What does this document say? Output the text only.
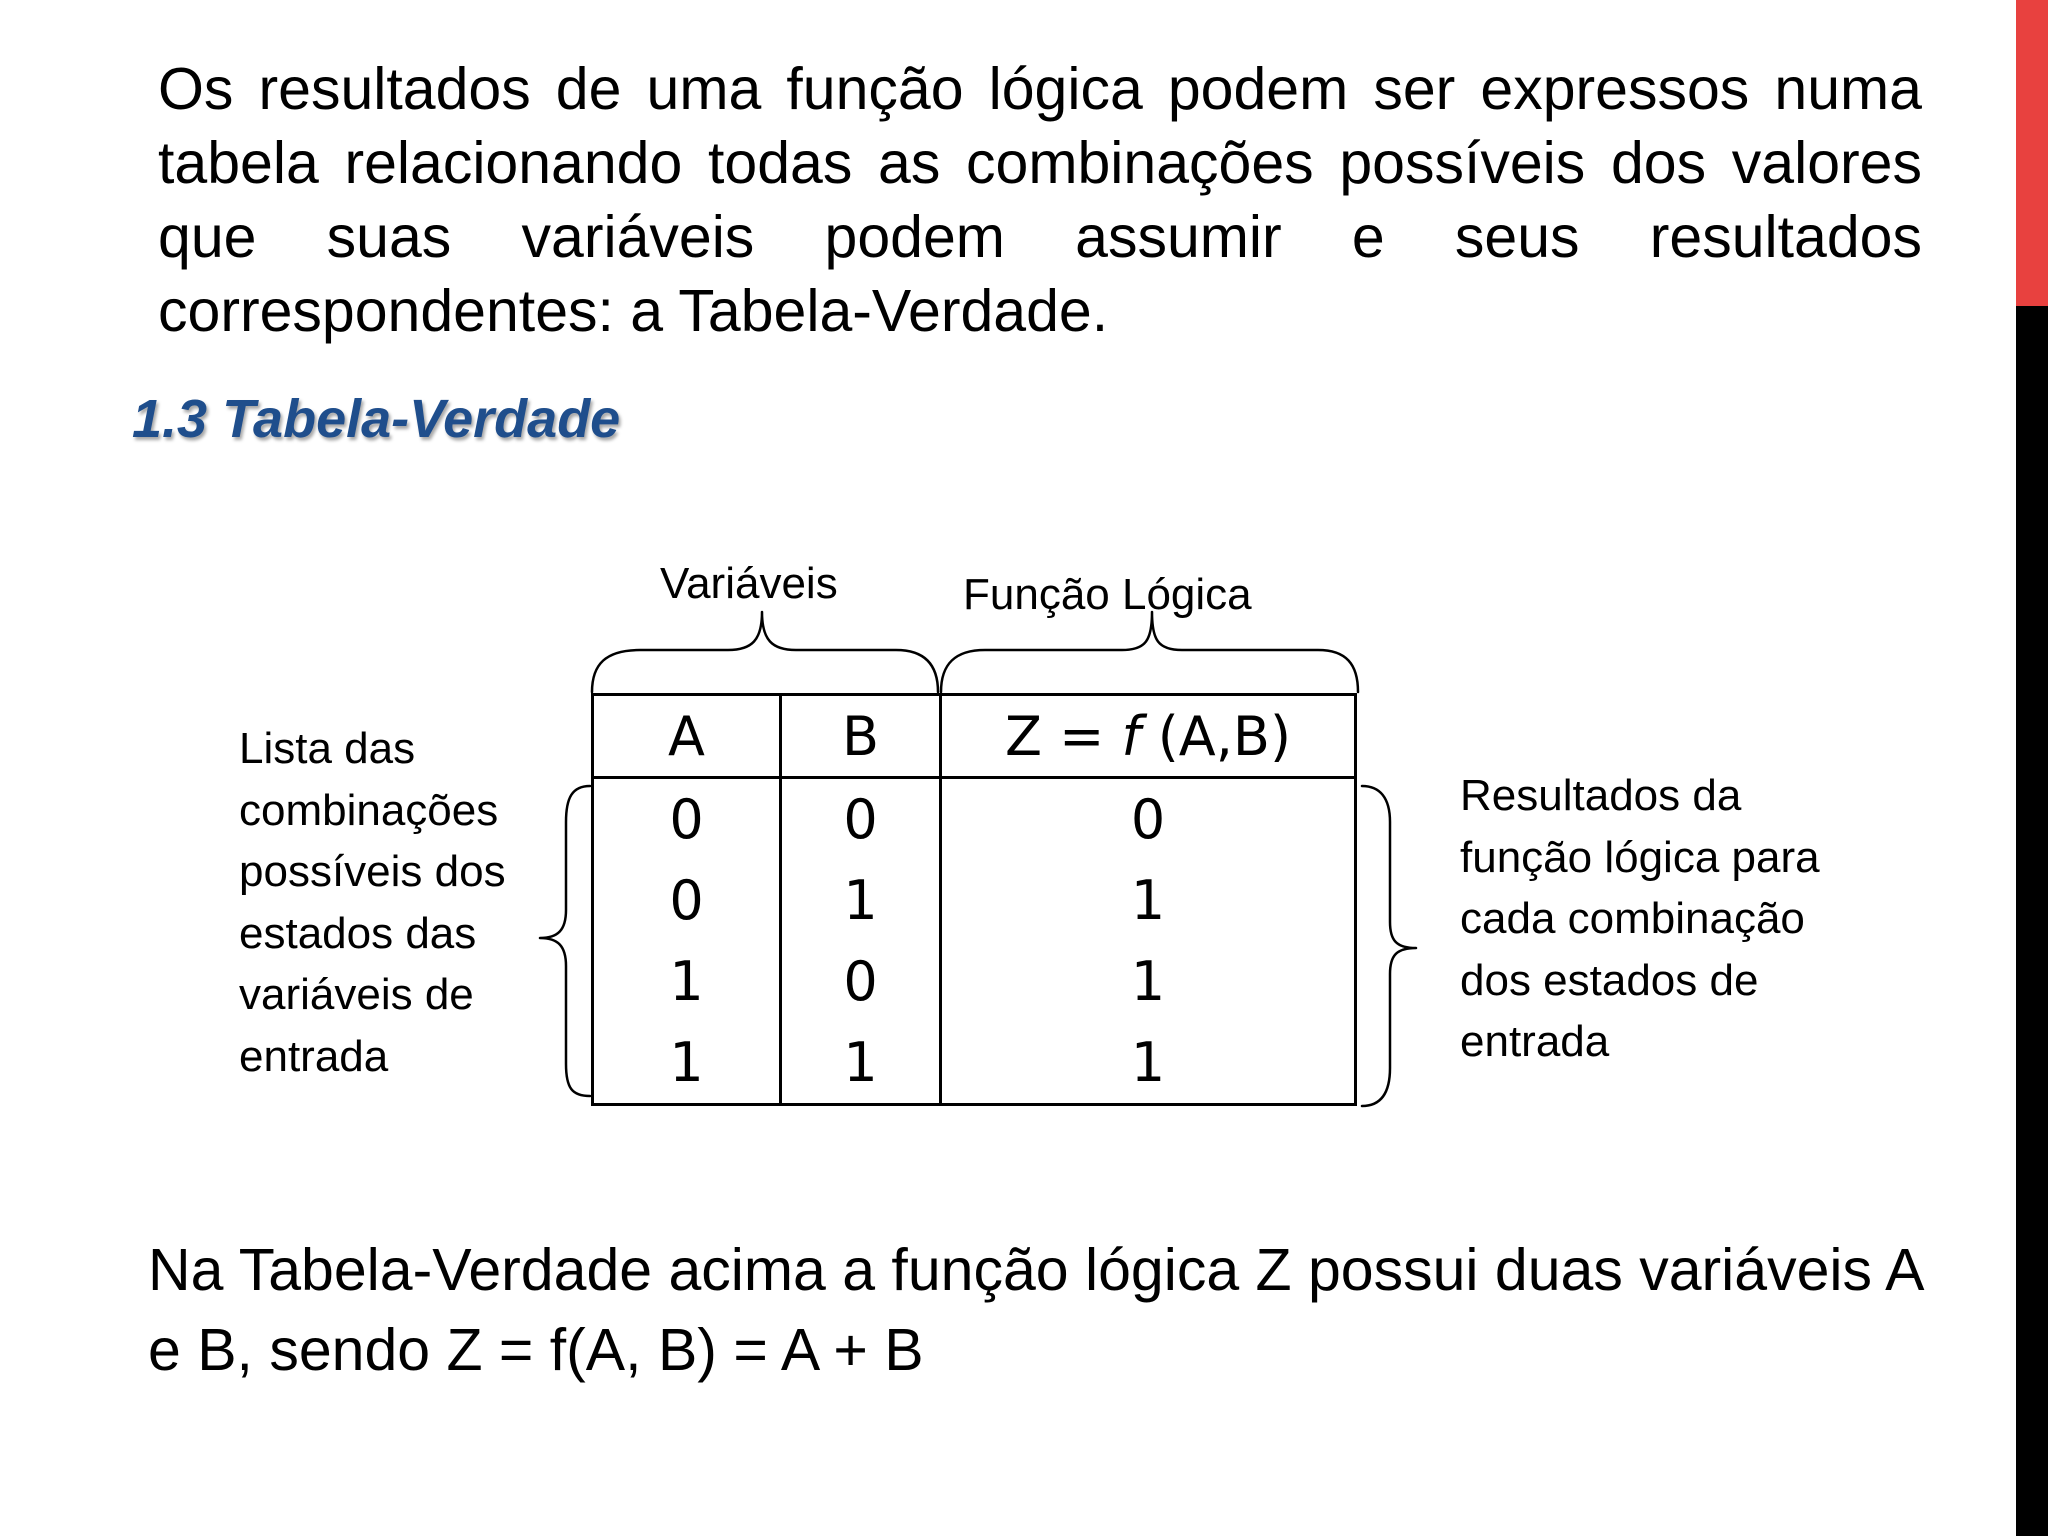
Os resultados de uma função lógica podem ser expressos numa tabela relacionando todas as combinações possíveis dos valores que suas variáveis podem assumir e seus resultados correspondentes: a Tabela-Verdade.

1.3 Tabela-Verdade
Variáveis	Função Lógica
Lista das combinações possíveis dos estados das variáveis de entrada
Resultados da função lógica para cada combinação dos estados de entrada
A	B	Z = f (A,B)
0	0	0
0	1	1
1	0	1
1	1	1

Na Tabela-Verdade acima a função lógica Z possui duas variáveis A e B, sendo Z = f(A, B) = A + B
